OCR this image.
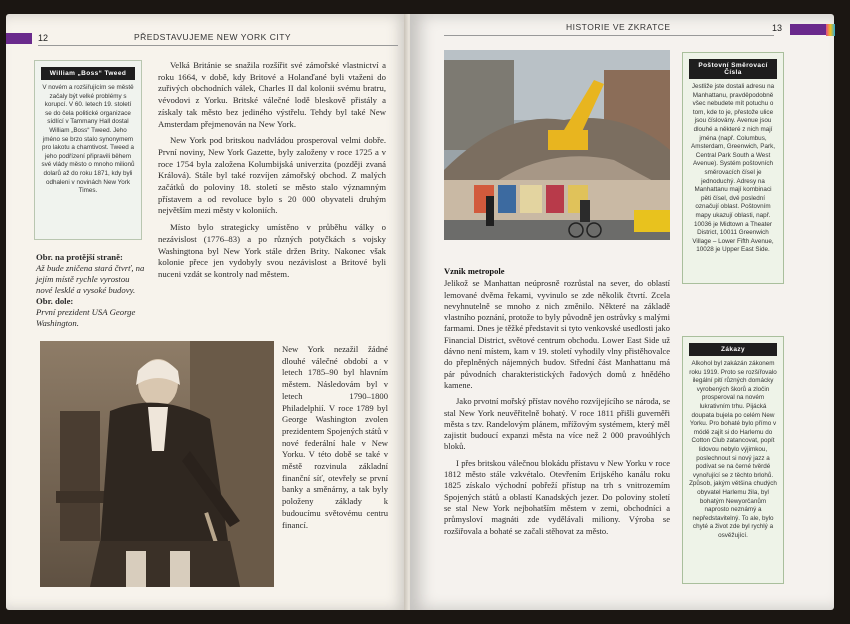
12	PŘEDSTAVUJEME NEW YORK CITY
William „Boss“ Tweed
V novém a rozšiřujícím se městě začaly být velké problémy s korupcí. V 60. letech 19. století se do čela politické organizace sídlící v Tammany Hall dostal William „Boss“ Tweed. Jeho jméno se brzo stalo synonymem pro lakotu a chamtivost. Tweed a jeho podřízení připravili během své vlády město o mnoho milionů dolarů až do roku 1871, kdy byli odhaleni v novinách New York Times.
Obr. na protější straně:
Až bude zničena stará čtvrť, na jejím místě rychle vyrostou nové lesklé a vysoké budovy.
Obr. dole:
První prezident USA George Washington.

Velká Británie se snažila rozšířit své zámořské vlastnictví a roku 1664, v době, kdy Britové a Holanďané byli vtaženi do zuřivých obchodních válek, Charles II dal kolonii svému bratru, vévodovi z Yorku. Britské válečné lodě bleskově přistály a získaly tak město bez jediného výstřelu. Tehdy byl také New Amsterdam přejmenován na New York.

New York pod britskou nadvládou prosperoval velmi dobře. První noviny, New York Gazette, byly založeny v roce 1725 a v roce 1754 byla založena Kolumbijská univerzita (později zvaná Králová). Stále byl také rozvíjen zámořský obchod. Z malých začátků do poloviny 18. století se město stalo významným přístavem a od revoluce bylo s 20 000 obyvateli druhým největším mezi městy v koloniích.

Místo bylo strategicky umístěno v průběhu války o nezávislost (1776–83) a po různých potyčkách s vojsky Washingtona byl New York stále držen Brity. Nakonec však kolonie přece jen vydobyly svou nezávislost a Britové byli nuceni vzdát se kontroly nad městem.

New York nezažil žádné dlouhé válečné období a v letech 1785–90 byl hlavním městem. Následovám byl v letech 1790–1800 Philadelphií. V roce 1789 byl George Washington zvolen prezidentem Spojených států v nové federální hale v New Yorku. V této době se také v městě rozvinula základní finanční síť, otevřely se první banky a směnárny, a tak byly položeny základy k budoucímu světovému centru financí.

HISTORIE VE ZKRATCE	13
Poštovní Směrovací Čísla
Jestliže jste dostali adresu na Manhattanu, pravděpodobně všec nebudete mít potuchu o tom, kde to je, přestože ulice jsou číslovány. Avenue jsou dlouhé a některé z nich mají jména (např. Columbus, Amsterdam, Greenwich, Park, Central Park South a West Avenue). Systém poštovních směrovacích čísel je jednoduchý. Adresy na Manhattanu mají kombinaci pěti čísel, dvě poslední označují oblast. Poštovním mapy ukazují oblasti, např. 10036 je Midtown a Theater District, 10011 Greenwich Village – Lower Fifth Avenue, 10028 je Upper East Side.
Zákazy
Alkohol byl zakázán zákonem roku 1919. Proto se rozšířovalo ilegální pití různých domácky vyrobených škorů a zločin prosperoval na novém lukrativním trhu. Pijácká doupata bujela po celém New Yorku. Pro bohaté bylo přímo v módě zajít si do Harlemu do Cotton Club zatancovat, popít lidovou nebylo výjimkou, poslechnout si nový jazz a podívat se na černé tvěrdé vynořující se z těchto brlohů. Způsob, jakým většina chudých obyvatel Harlemu žila, byl bohatým Newyorčanům naprosto neznámý a nepředstavitelný. To ale, bylo chyté a život zde byl rychlý a osvěžující.

Vznik metropole

Jelikož se Manhattan neúprosně rozrůstal na sever, do oblastí lemované dvěma řekami, vyvinulo se zde několik čtvrtí. Zcela nevyhnutelně se mnoho z nich změnilo. Některé na základě vlastního poznání, protože to byly původně jen ostrůvky s malými farmami. Dnes je těžké představit si tyto venkovské usedlosti jako Financial District, světové centrum obchodu. Lower East Side už dávno není místem, kam v 19. století vyhodily vlny přistěhovalce do přeplněných nájemných budov. Střední část Manhattanu má pár původních charakteristických řadových domů z hnědého kamene.

Jako prvotní mořský přístav nového rozvíjejícího se národa, se stal New York neuvěřitelně bohatý. V roce 1811 přišli guverněři města s tzv. Randelovým plánem, mřížovým systémem, který měl zajistit budoucí expanzi města na více než 2 000 pravoúhlých bloků.

I přes britskou válečnou blokádu přístavu v New Yorku v roce 1812 město stále vzkvétalo. Otevřením Erijského kanálu roku 1825 získalo východní pobřeží přístup na trh s vnitrozemím Spojených států a oblastí Kanadských jezer. Do poloviny století se stal New York nejbohatším městem v zemi, obchodníci a průmysloví magnáti zde vydělávali miliony. Výroba se rozšiřovala a bohaté se začali stěhovat za město.
